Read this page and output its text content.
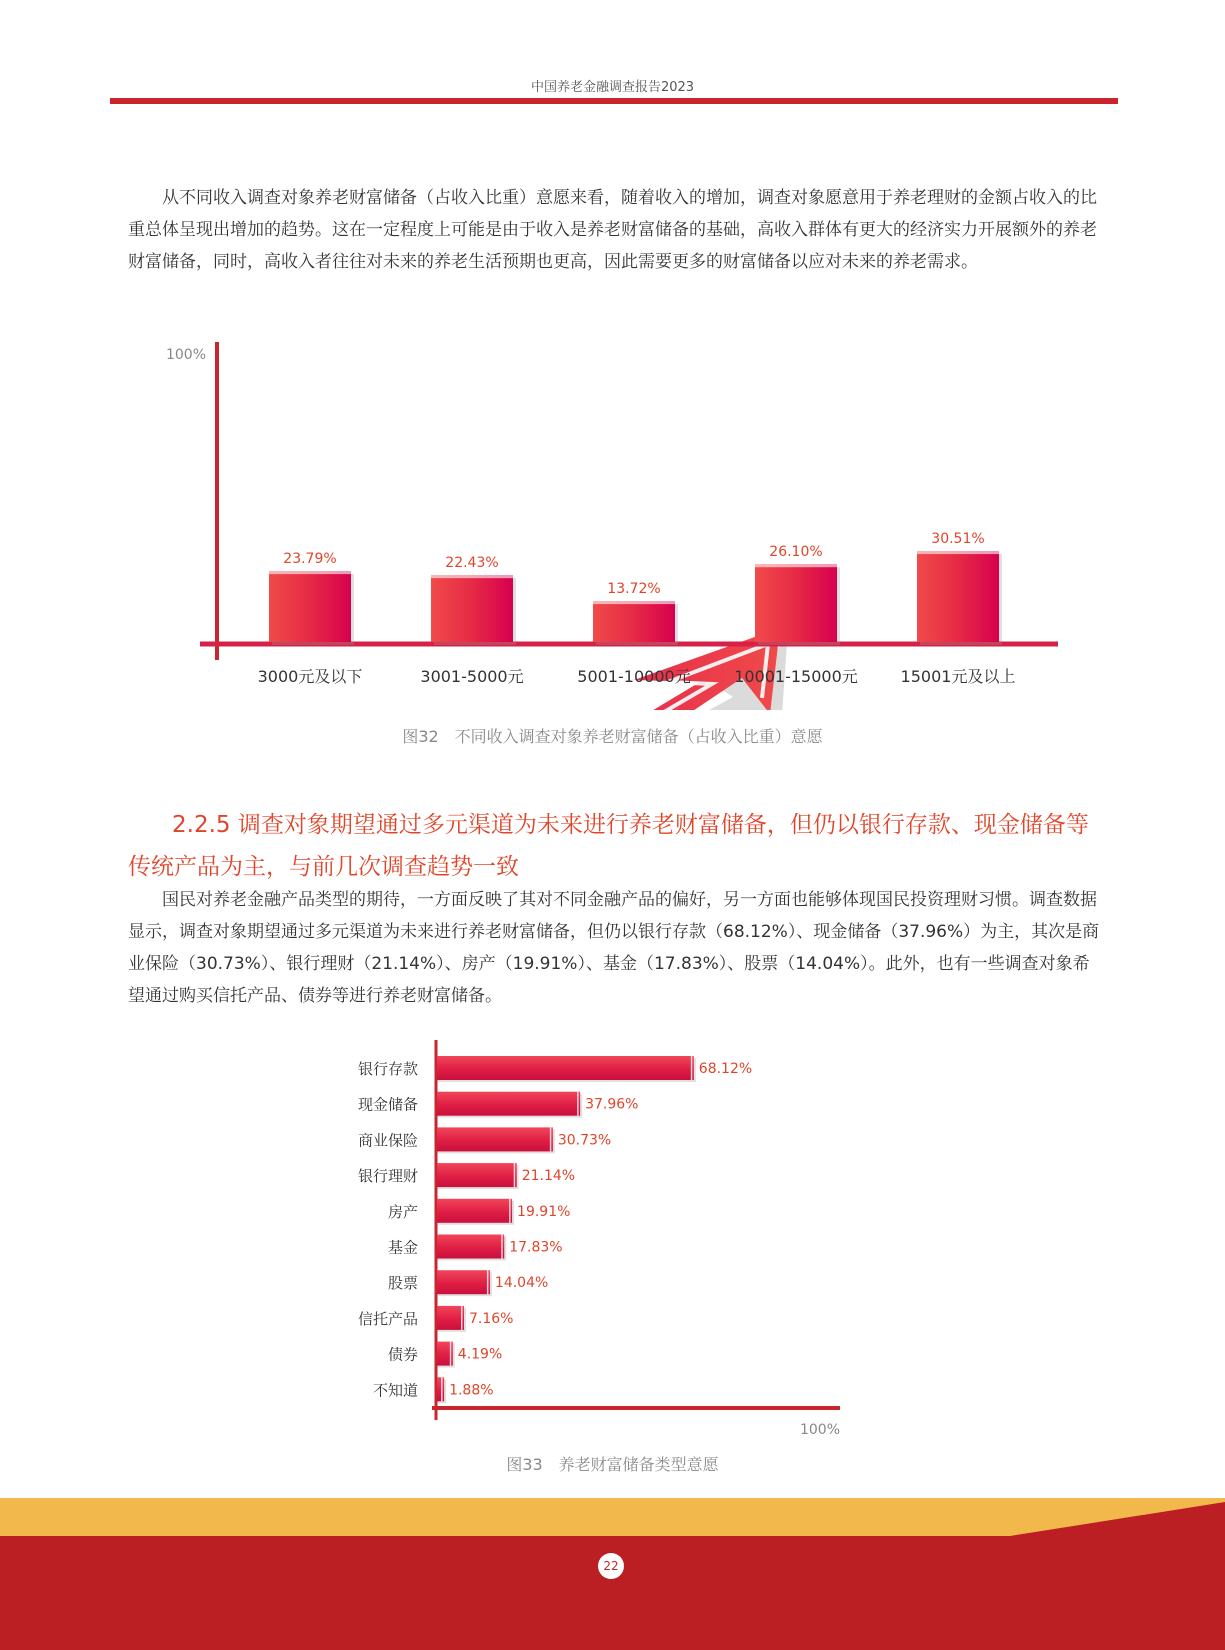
中国养老金融调查报告2023

从不同收入调查对象养老财富储备（占收入比重）意愿来看，随着收入的增加，调查对象愿意用于养老理财的金额占收入的比重总体呈现出增加的趋势。这在一定程度上可能是由于收入是养老财富储备的基础，高收入群体有更大的经济实力开展额外的养老财富储备，同时，高收入者往往对未来的养老生活预期也更高，因此需要更多的财富储备以应对未来的养老需求。

100%
23.79%
3000元及以下
22.43%
3001-5000元
13.72%
5001-10000元
26.10%
10001-15000元
30.51%
15001元及以上
图32　不同收入调查对象养老财富储备（占收入比重）意愿

2.2.5 调查对象期望通过多元渠道为未来进行养老财富储备，但仍以银行存款、现金储备等传统产品为主，与前几次调查趋势一致

国民对养老金融产品类型的期待，一方面反映了其对不同金融产品的偏好，另一方面也能够体现国民投资理财习惯。调查数据显示，调查对象期望通过多元渠道为未来进行养老财富储备，但仍以银行存款（68.12%）、现金储备（37.96%）为主，其次是商业保险（30.73%）、银行理财（21.14%）、房产（19.91%）、基金（17.83%）、股票（14.04%）。此外，也有一些调查对象希望通过购买信托产品、债券等进行养老财富储备。

100%
68.12%
银行存款
37.96%
现金储备
30.73%
商业保险
21.14%
银行理财
19.91%
房产
17.83%
基金
14.04%
股票
7.16%
信托产品
4.19%
债券
1.88%
不知道
图33　养老财富储备类型意愿
22
